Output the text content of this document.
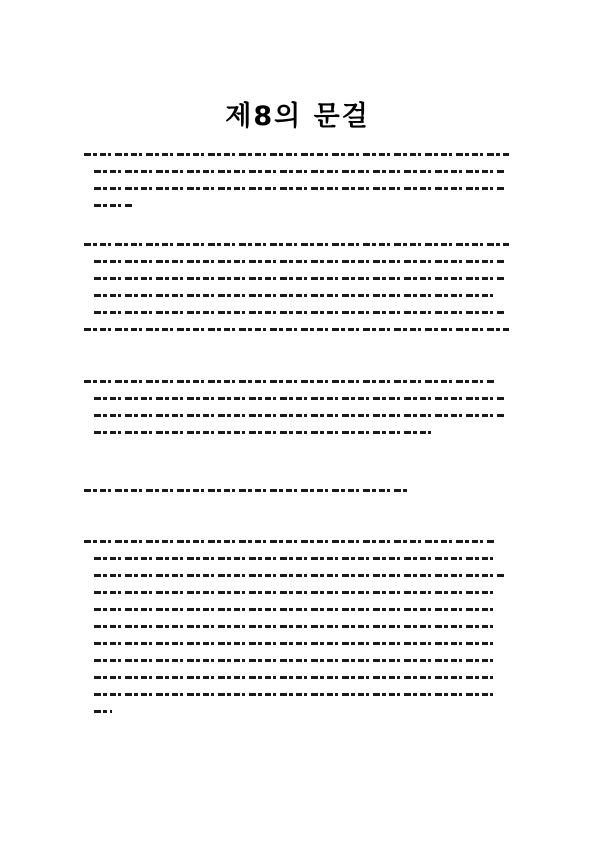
제8의 문걸
